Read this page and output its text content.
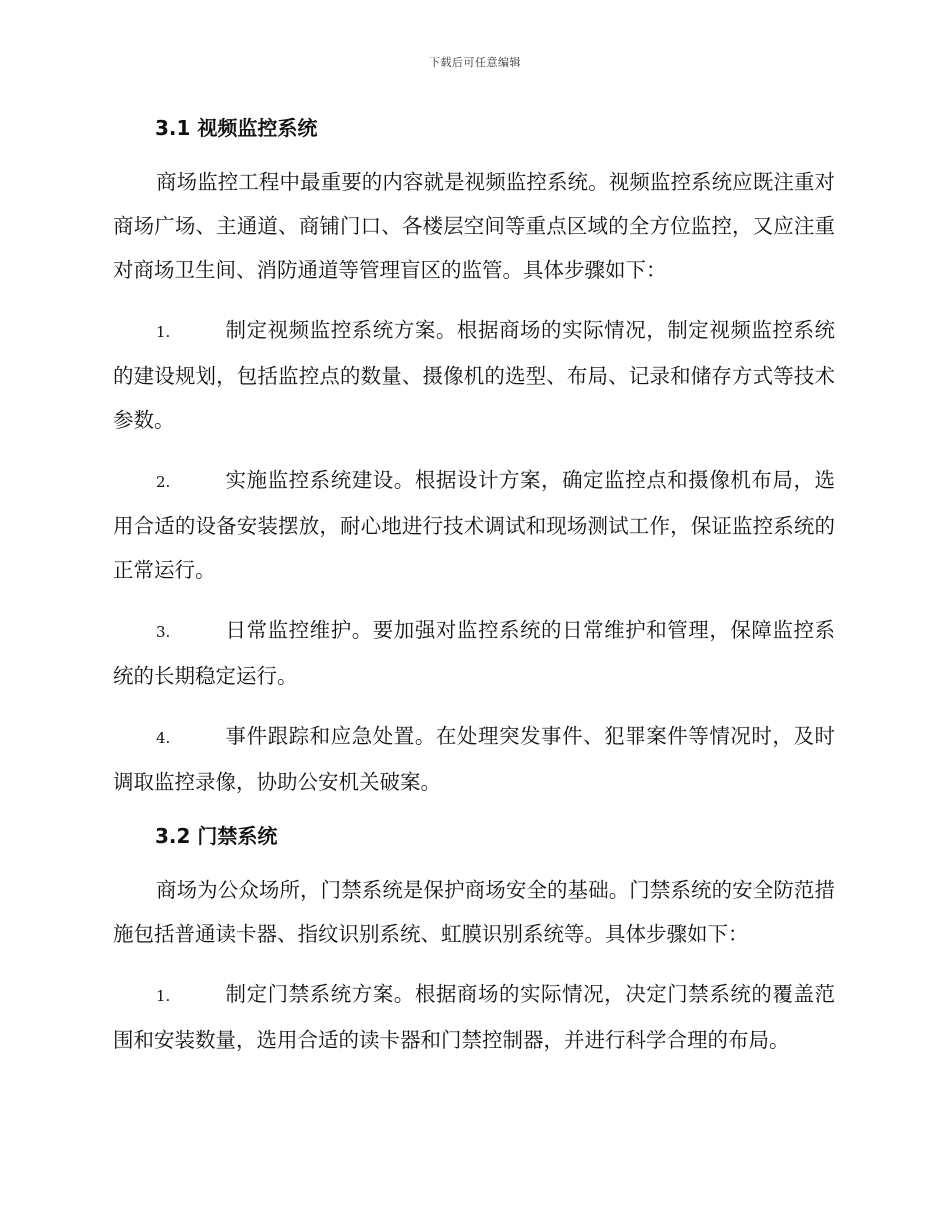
下载后可任意编辑
3.1 视频监控系统

商场监控工程中最重要的内容就是视频监控系统。视频监控系统应既注重对商场广场、主通道、商铺门口、各楼层空间等重点区域的全方位监控，又应注重对商场卫生间、消防通道等管理盲区的监管。具体步骤如下：

1.	制定视频监控系统方案。根据商场的实际情况，制定视频监控系统的建设规划，包括监控点的数量、摄像机的选型、布局、记录和储存方式等技术参数。

2.	实施监控系统建设。根据设计方案，确定监控点和摄像机布局，选用合适的设备安装摆放，耐心地进行技术调试和现场测试工作，保证监控系统的正常运行。

3.	日常监控维护。要加强对监控系统的日常维护和管理，保障监控系统的长期稳定运行。

4.	事件跟踪和应急处置。在处理突发事件、犯罪案件等情况时，及时调取监控录像，协助公安机关破案。

3.2 门禁系统

商场为公众场所，门禁系统是保护商场安全的基础。门禁系统的安全防范措施包括普通读卡器、指纹识别系统、虹膜识别系统等。具体步骤如下：

1.	制定门禁系统方案。根据商场的实际情况，决定门禁系统的覆盖范围和安装数量，选用合适的读卡器和门禁控制器，并进行科学合理的布局。
